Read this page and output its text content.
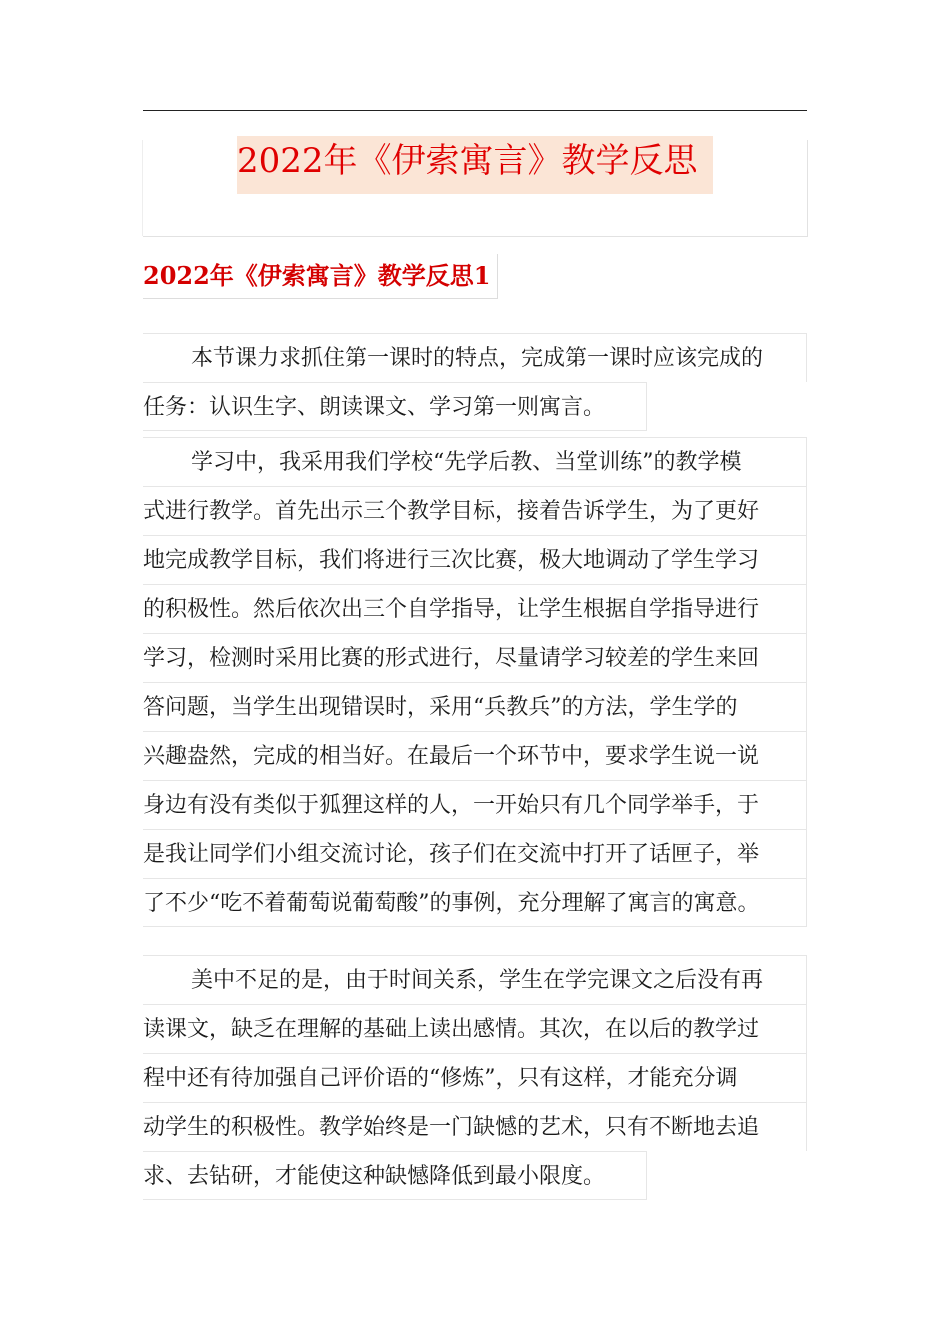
2022年《伊索寓言》教学反思
2022年《伊索寓言》教学反思1
本节课力求抓住第一课时的特点，完成第一课时应该完成的
任务：认识生字、朗读课文、学习第一则寓言。
学习中，我采用我们学校“先学后教、当堂训练”的教学模
式进行教学。首先出示三个教学目标，接着告诉学生，为了更好
地完成教学目标，我们将进行三次比赛，极大地调动了学生学习
的积极性。然后依次出三个自学指导，让学生根据自学指导进行
学习，检测时采用比赛的形式进行，尽量请学习较差的学生来回
答问题，当学生出现错误时，采用“兵教兵”的方法，学生学的
兴趣盎然，完成的相当好。在最后一个环节中，要求学生说一说
身边有没有类似于狐狸这样的人，一开始只有几个同学举手，于
是我让同学们小组交流讨论，孩子们在交流中打开了话匣子，举
了不少“吃不着葡萄说葡萄酸”的事例，充分理解了寓言的寓意。
美中不足的是，由于时间关系，学生在学完课文之后没有再
读课文，缺乏在理解的基础上读出感情。其次，在以后的教学过
程中还有待加强自己评价语的“修炼”，只有这样，才能充分调
动学生的积极性。教学始终是一门缺憾的艺术，只有不断地去追
求、去钻研，才能使这种缺憾降低到最小限度。
